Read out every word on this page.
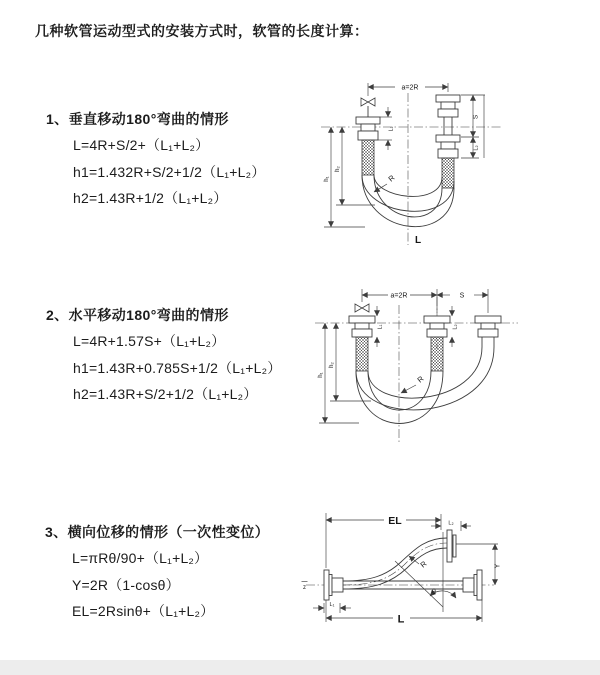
几种软管运动型式的安装方式时，软管的长度计算：
1、垂直移动180°弯曲的情形
L=4R+S/2+（L₁+L₂）
h1=1.432R+S/2+1/2（L₁+L₂）
h2=1.43R+1/2（L₁+L₂）
2、水平移动180°弯曲的情形
L=4R+1.57S+（L₁+L₂）
h1=1.43R+0.785S+1/2（L₁+L₂）
h2=1.43R+S/2+1/2（L₁+L₂）
3、横向位移的情形（一次性变位）
L=πRθ/90+（L₁+L₂）
Y=2R（1-cosθ）
EL=2Rsinθ+（L₁+L₂）
a=2R
L₁
S
L₂
h₁
h₂
R
L
a=2R	S
L₁	L₂
h₁
h₂
R
EL	L₂
Y
θ
R
L
L₁
z
